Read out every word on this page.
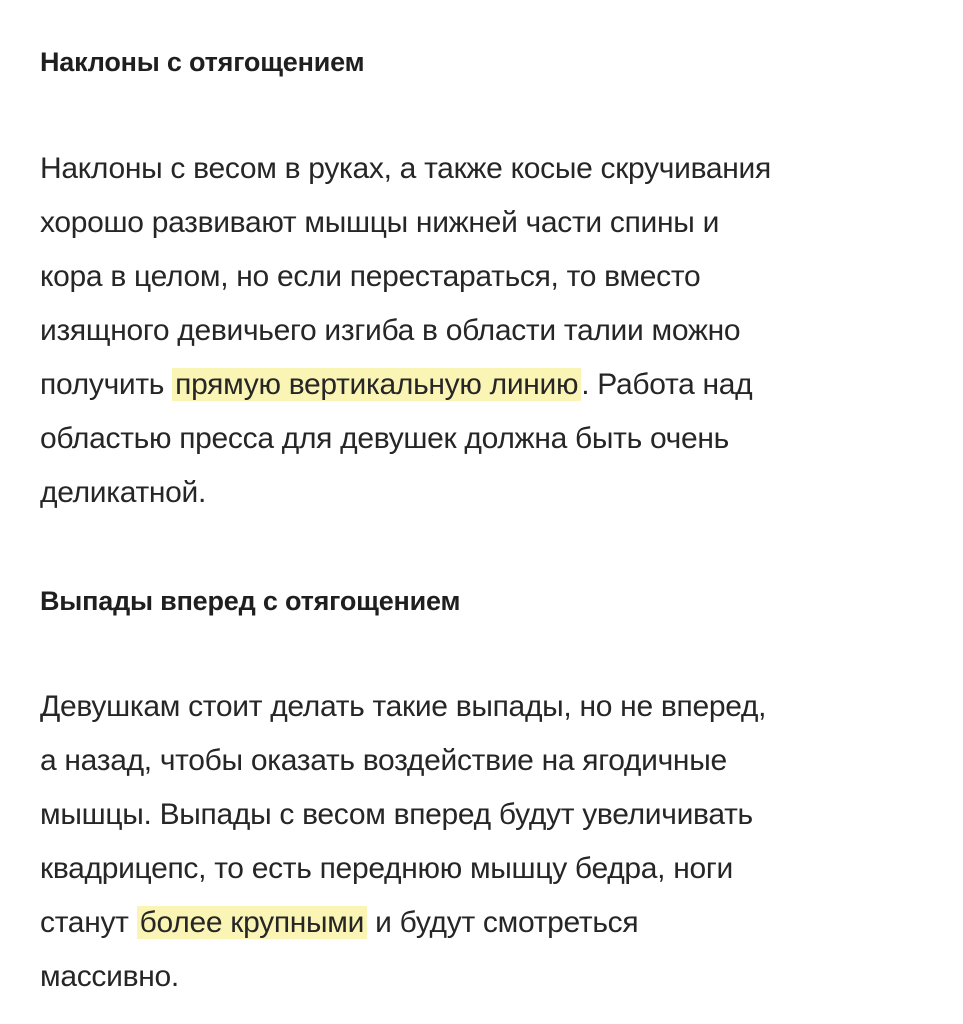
Наклоны с отягощением
Наклоны с весом в руках, а также косые скручивания
хорошо развивают мышцы нижней части спины и
кора в целом, но если перестараться, то вместо
изящного девичьего изгиба в области талии можно
получить прямую вертикальную линию . Работа над
областью пресса для девушек должна быть очень
деликатной.
Выпады вперед с отягощением
Девушкам стоит делать такие выпады, но не вперед,
а назад, чтобы оказать воздействие на ягодичные
мышцы. Выпады с весом вперед будут увеличивать
квадрицепс, то есть переднюю мышцу бедра, ноги
станут более крупными и будут смотреться
массивно.
